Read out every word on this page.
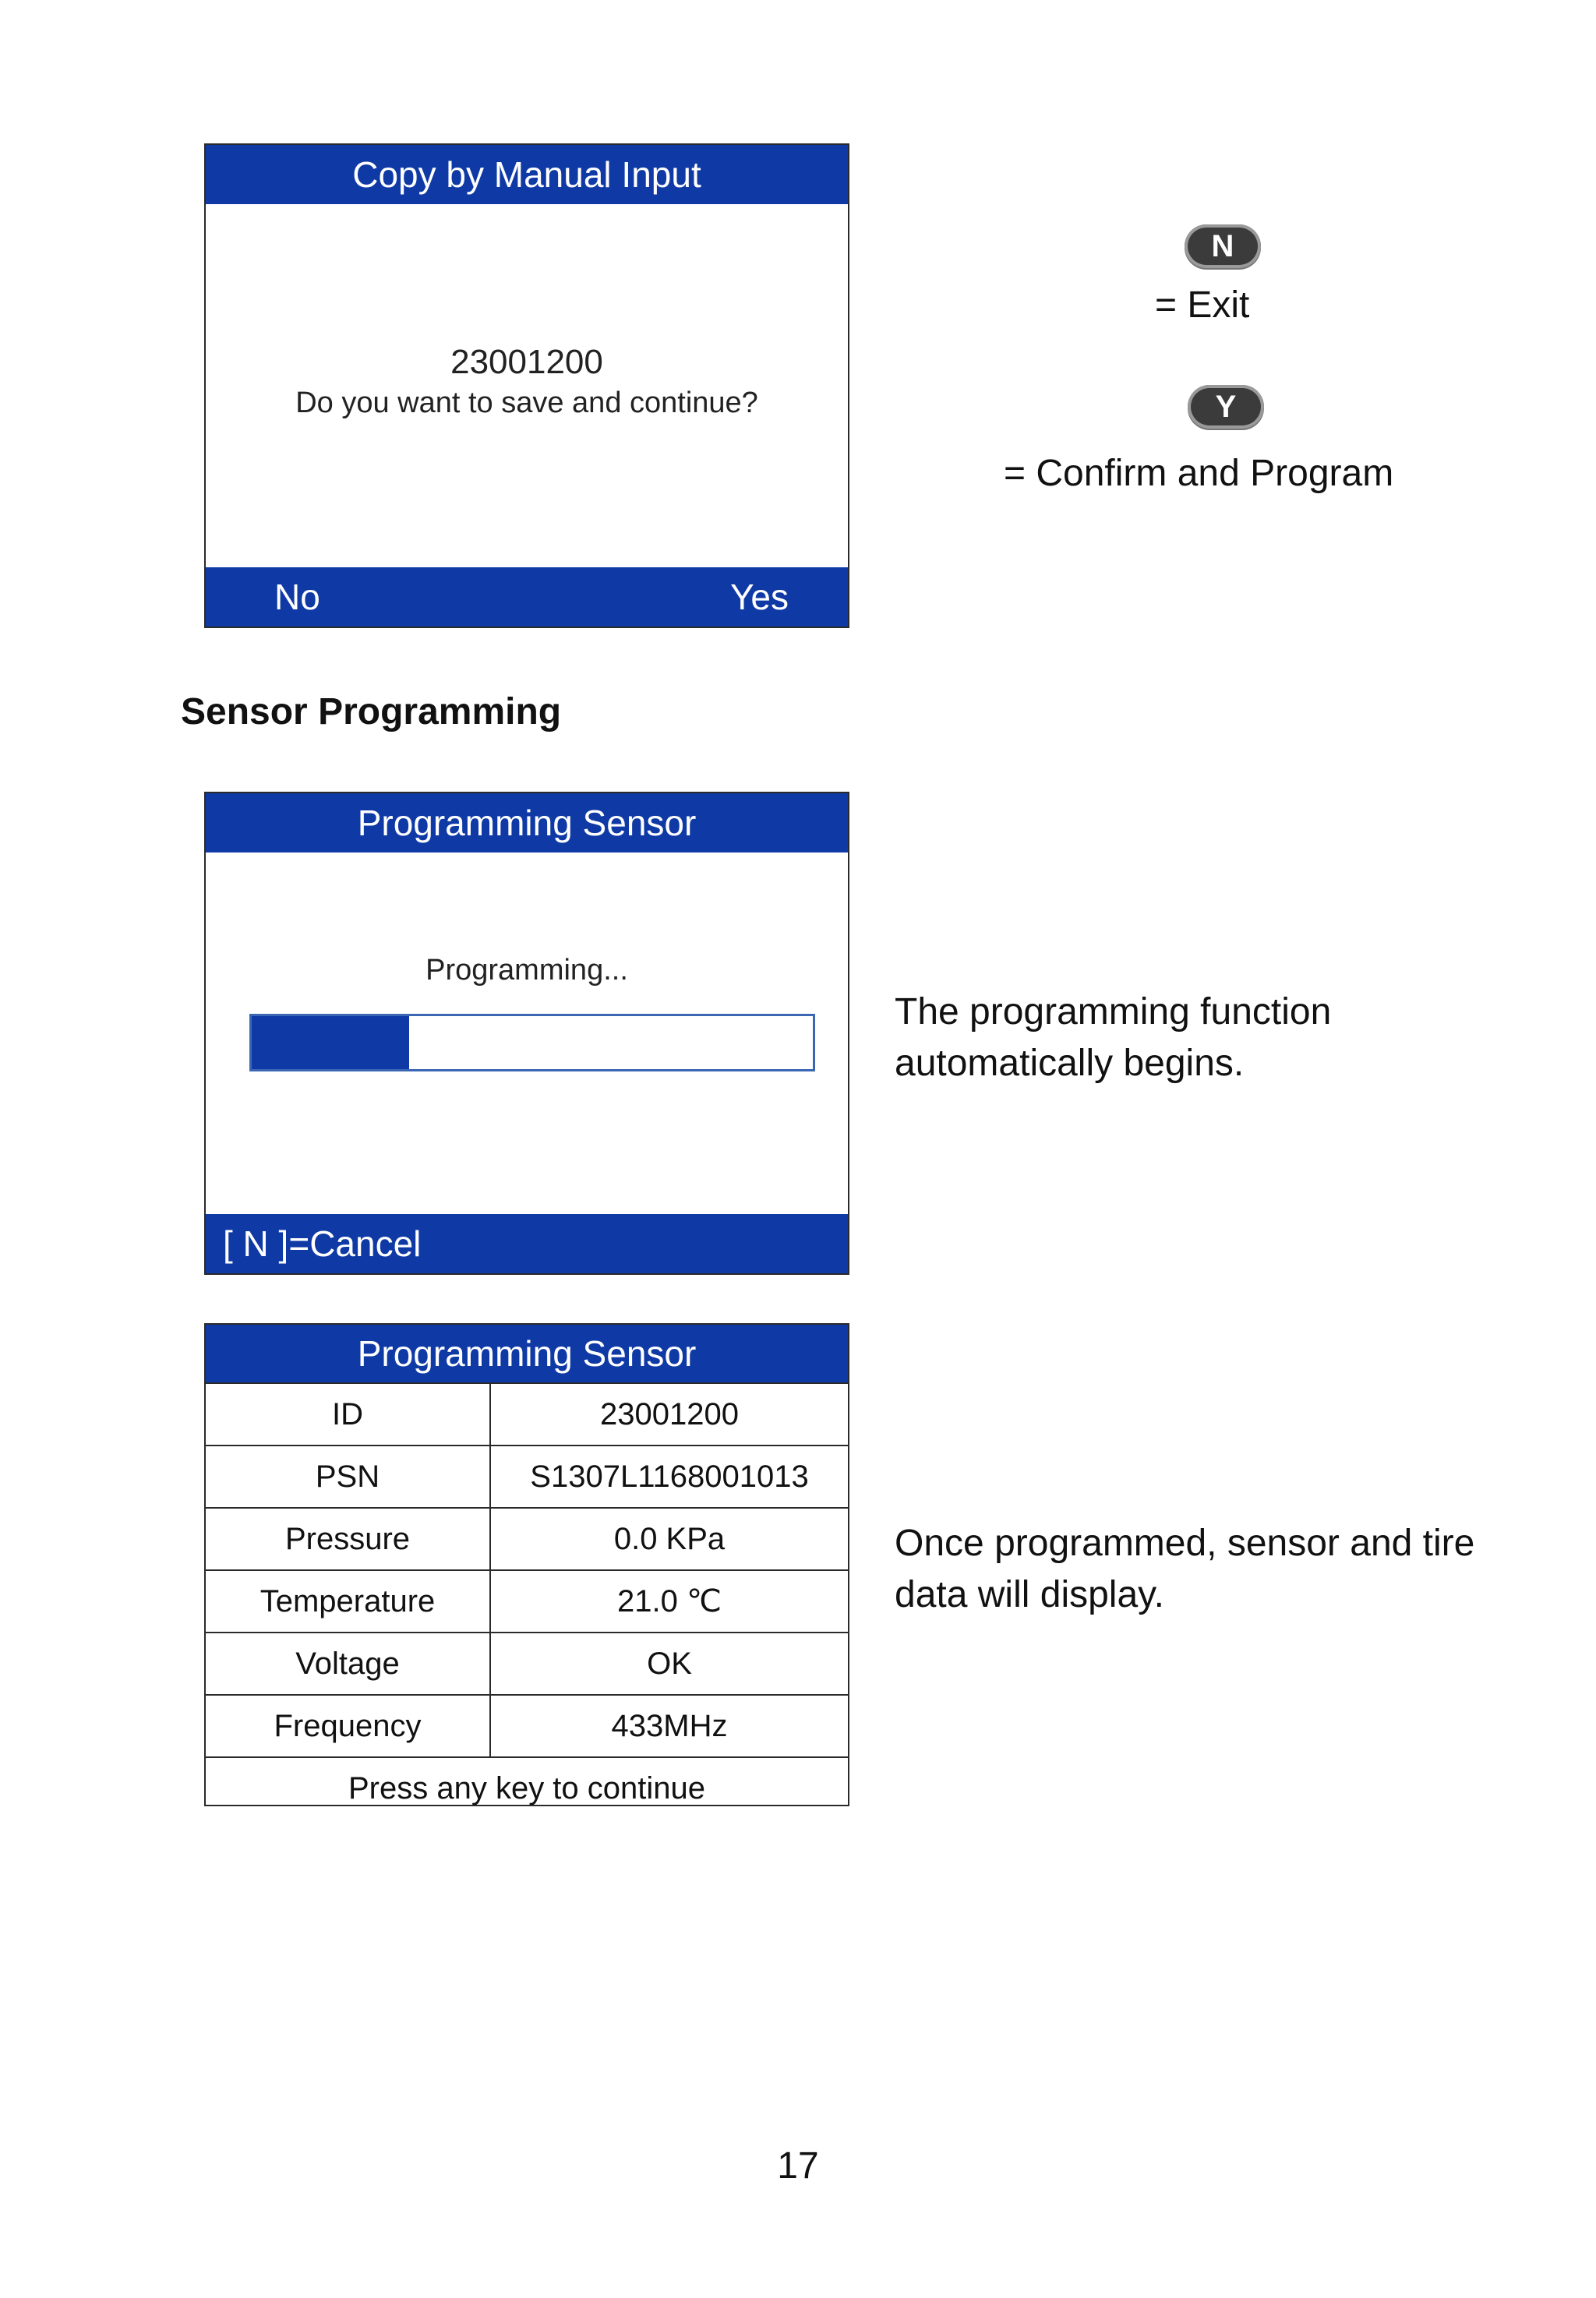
Copy by Manual Input
23001200
Do you want to save and continue?
No	Yes
N
= Exit
Y
= Confirm and Program
Sensor Programming
Programming Sensor
Programming...
[ N ]=Cancel
The programming function automatically begins.
Programming Sensor
ID	23001200
PSN	S1307L1168001013
Pressure	0.0 KPa
Temperature	21.0 ℃
Voltage	OK
Frequency	433MHz
Press any key to continue	
Once programmed, sensor and tire data will display.
17
